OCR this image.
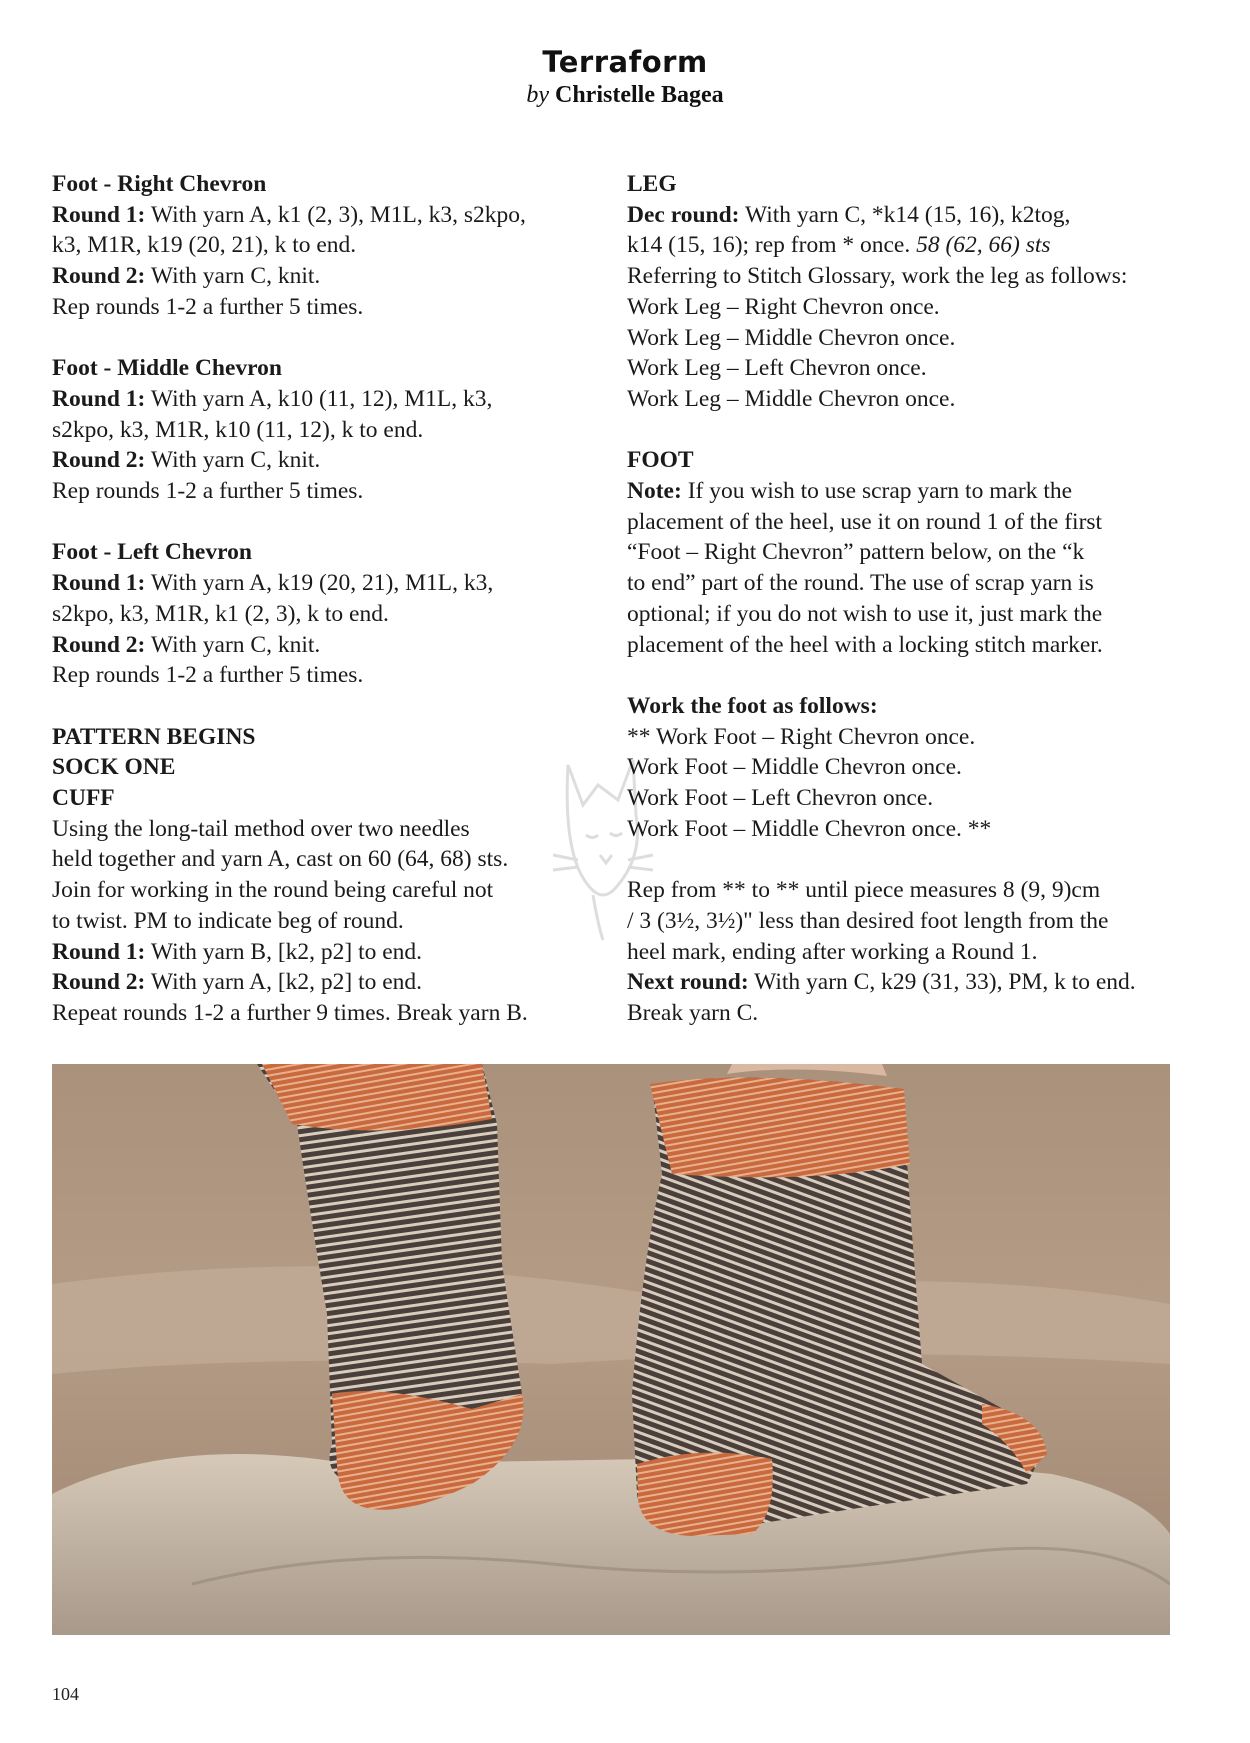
Terraform
by Christelle Bagea
Foot - Right Chevron
Round 1: With yarn A, k1 (2, 3), M1L, k3, s2kpo,
k3, M1R, k19 (20, 21), k to end.
Round 2: With yarn C, knit.
Rep rounds 1-2 a further 5 times.
Foot - Middle Chevron
Round 1: With yarn A, k10 (11, 12), M1L, k3,
s2kpo, k3, M1R, k10 (11, 12), k to end.
Round 2: With yarn C, knit.
Rep rounds 1-2 a further 5 times.
Foot - Left Chevron
Round 1: With yarn A, k19 (20, 21), M1L, k3,
s2kpo, k3, M1R, k1 (2, 3), k to end.
Round 2: With yarn C, knit.
Rep rounds 1-2 a further 5 times.
PATTERN BEGINS
SOCK ONE
CUFF
Using the long-tail method over two needles
held together and yarn A, cast on 60 (64, 68) sts.
Join for working in the round being careful not
to twist. PM to indicate beg of round.
Round 1: With yarn B, [k2, p2] to end.
Round 2: With yarn A, [k2, p2] to end.
Repeat rounds 1-2 a further 9 times. Break yarn B.
LEG
Dec round: With yarn C, *k14 (15, 16), k2tog,
k14 (15, 16); rep from * once. 58 (62, 66) sts
Referring to Stitch Glossary, work the leg as follows:
Work Leg – Right Chevron once.
Work Leg – Middle Chevron once.
Work Leg – Left Chevron once.
Work Leg – Middle Chevron once.
FOOT
Note: If you wish to use scrap yarn to mark the
placement of the heel, use it on round 1 of the first
“Foot – Right Chevron” pattern below, on the “k
to end” part of the round. The use of scrap yarn is
optional; if you do not wish to use it, just mark the
placement of the heel with a locking stitch marker.
Work the foot as follows:
** Work Foot – Right Chevron once.
Work Foot – Middle Chevron once.
Work Foot – Left Chevron once.
Work Foot – Middle Chevron once. **
Rep from ** to ** until piece measures 8 (9, 9)cm
/ 3 (3½, 3½)" less than desired foot length from the
heel mark, ending after working a Round 1.
Next round: With yarn C, k29 (31, 33), PM, k to end.
Break yarn C.
104
